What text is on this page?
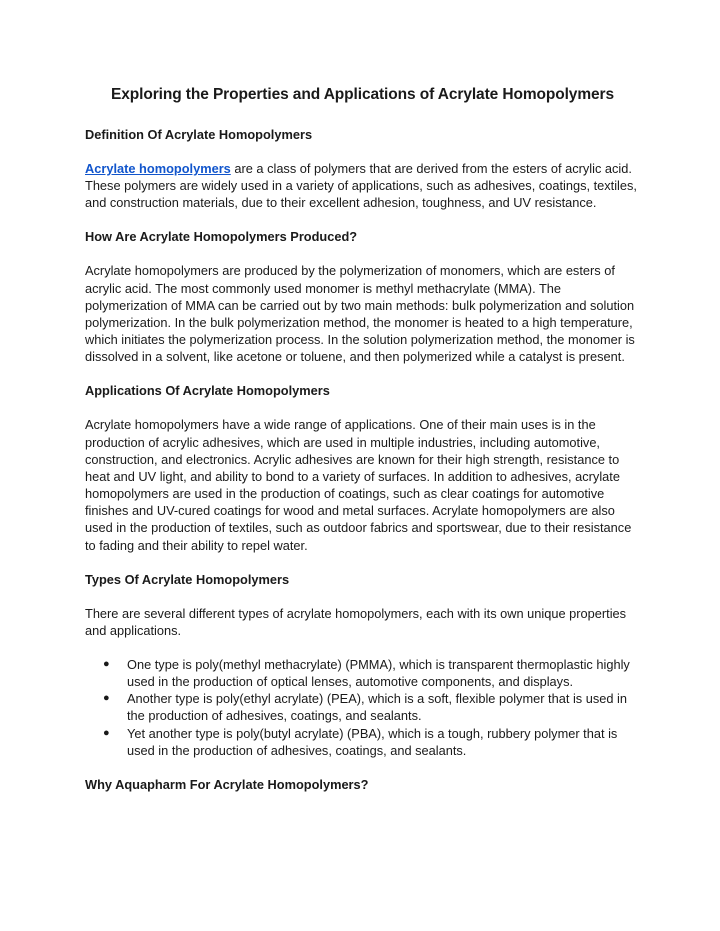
Exploring the Properties and Applications of Acrylate Homopolymers
Definition Of Acrylate Homopolymers

Acrylate homopolymers are a class of polymers that are derived from the esters of acrylic acid. These polymers are widely used in a variety of applications, such as adhesives, coatings, textiles, and construction materials, due to their excellent adhesion, toughness, and UV resistance.

How Are Acrylate Homopolymers Produced?

Acrylate homopolymers are produced by the polymerization of monomers, which are esters of acrylic acid. The most commonly used monomer is methyl methacrylate (MMA). The polymerization of MMA can be carried out by two main methods: bulk polymerization and solution polymerization. In the bulk polymerization method, the monomer is heated to a high temperature, which initiates the polymerization process. In the solution polymerization method, the monomer is dissolved in a solvent, like acetone or toluene, and then polymerized while a catalyst is present.

Applications Of Acrylate Homopolymers

Acrylate homopolymers have a wide range of applications. One of their main uses is in the production of acrylic adhesives, which are used in multiple industries, including automotive, construction, and electronics. Acrylic adhesives are known for their high strength, resistance to heat and UV light, and ability to bond to a variety of surfaces. In addition to adhesives, acrylate homopolymers are used in the production of coatings, such as clear coatings for automotive finishes and UV-cured coatings for wood and metal surfaces. Acrylate homopolymers are also used in the production of textiles, such as outdoor fabrics and sportswear, due to their resistance to fading and their ability to repel water.

Types Of Acrylate Homopolymers

There are several different types of acrylate homopolymers, each with its own unique properties and applications.

● One type is poly(methyl methacrylate) (PMMA), which is transparent thermoplastic highly used in the production of optical lenses, automotive components, and displays.
● Another type is poly(ethyl acrylate) (PEA), which is a soft, flexible polymer that is used in the production of adhesives, coatings, and sealants.
● Yet another type is poly(butyl acrylate) (PBA), which is a tough, rubbery polymer that is used in the production of adhesives, coatings, and sealants.
Why Aquapharm For Acrylate Homopolymers?
